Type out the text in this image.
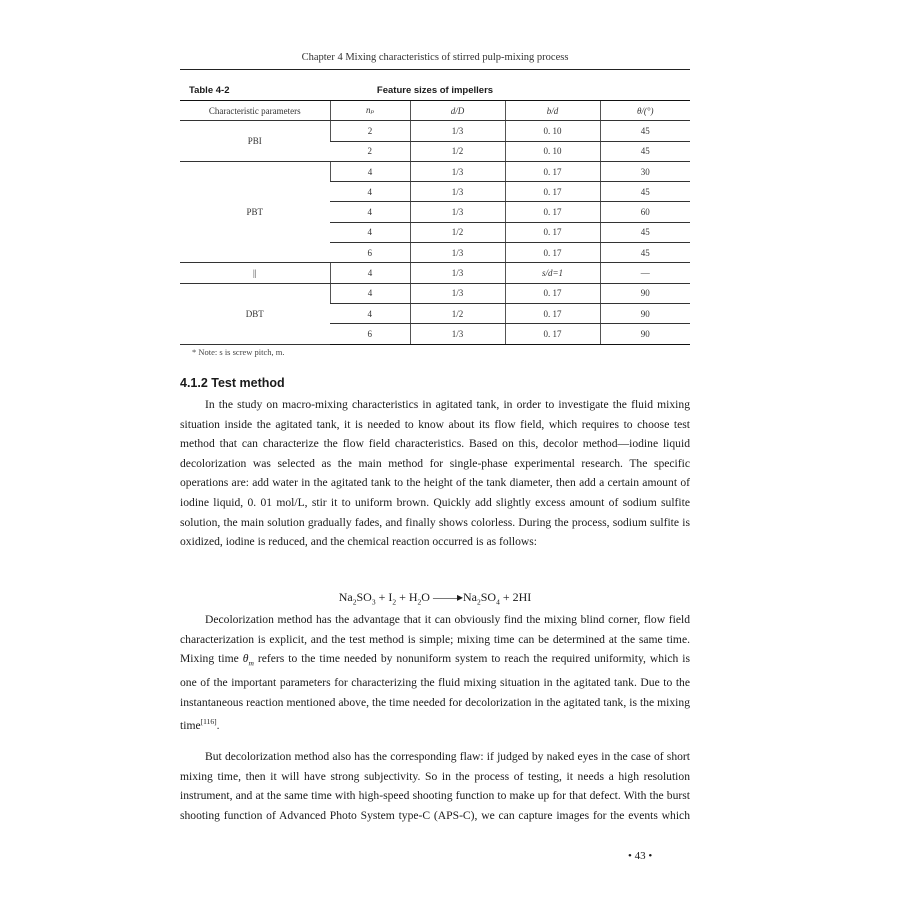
Chapter 4 Mixing characteristics of stirred pulp-mixing process
Table 4-2	Feature sizes of impellers
Characteristic parameters	nₚ	d/D	b/d	θ/(°)
PBI	2	1/3	0. 10	45
	2	1/2	0. 10	45
PBT	4	1/3	0. 17	30
	4	1/3	0. 17	45
	4	1/3	0. 17	60
	4	1/2	0. 17	45
	6	1/3	0. 17	45
||	4	1/3	s/d=1	—
DBT	4	1/3	0. 17	90
	4	1/2	0. 17	90
	6	1/3	0. 17	90
* Note: s is screw pitch, m.
4.1.2 Test method
In the study on macro-mixing characteristics in agitated tank, in order to investigate the fluid mixing situation inside the agitated tank, it is needed to know about its flow field, which requires to choose test method that can characterize the flow field characteristics. Based on this, decolor method—iodine liquid decolorization was selected as the main method for single-phase experimental research. The specific operations are: add water in the agitated tank to the height of the tank diameter, then add a certain amount of iodine liquid, 0. 01 mol/L, stir it to uniform brown. Quickly add slightly excess amount of sodium sulfite solution, the main solution gradually fades, and finally shows colorless. During the process, sodium sulfite is oxidized, iodine is reduced, and the chemical reaction occurred is as follows:
$Na_2SO_3 + I_2 + H_2O$ $——▸Na_2SO_4 + 2HI$
Decolorization method has the advantage that it can obviously find the mixing blind corner, flow field characterization is explicit, and the test method is simple; mixing time can be determined at the same time. Mixing time $\theta_m$ refers to the time needed by nonuniform system to reach the required uniformity, which is one of the important parameters for characterizing the fluid mixing situation in the agitated tank. Due to the instantaneous reaction mentioned above, the time needed for decolorization in the agitated tank, is the mixing time[116].
But decolorization method also has the corresponding flaw: if judged by naked eyes in the case of short mixing time, then it will have strong subjectivity. So in the process of testing, it needs a high resolution instrument, and at the same time with high-speed shooting function to make up for that defect. With the burst shooting function of Advanced Photo System type-C (APS-C), we can capture images for the events which
• 43 •
